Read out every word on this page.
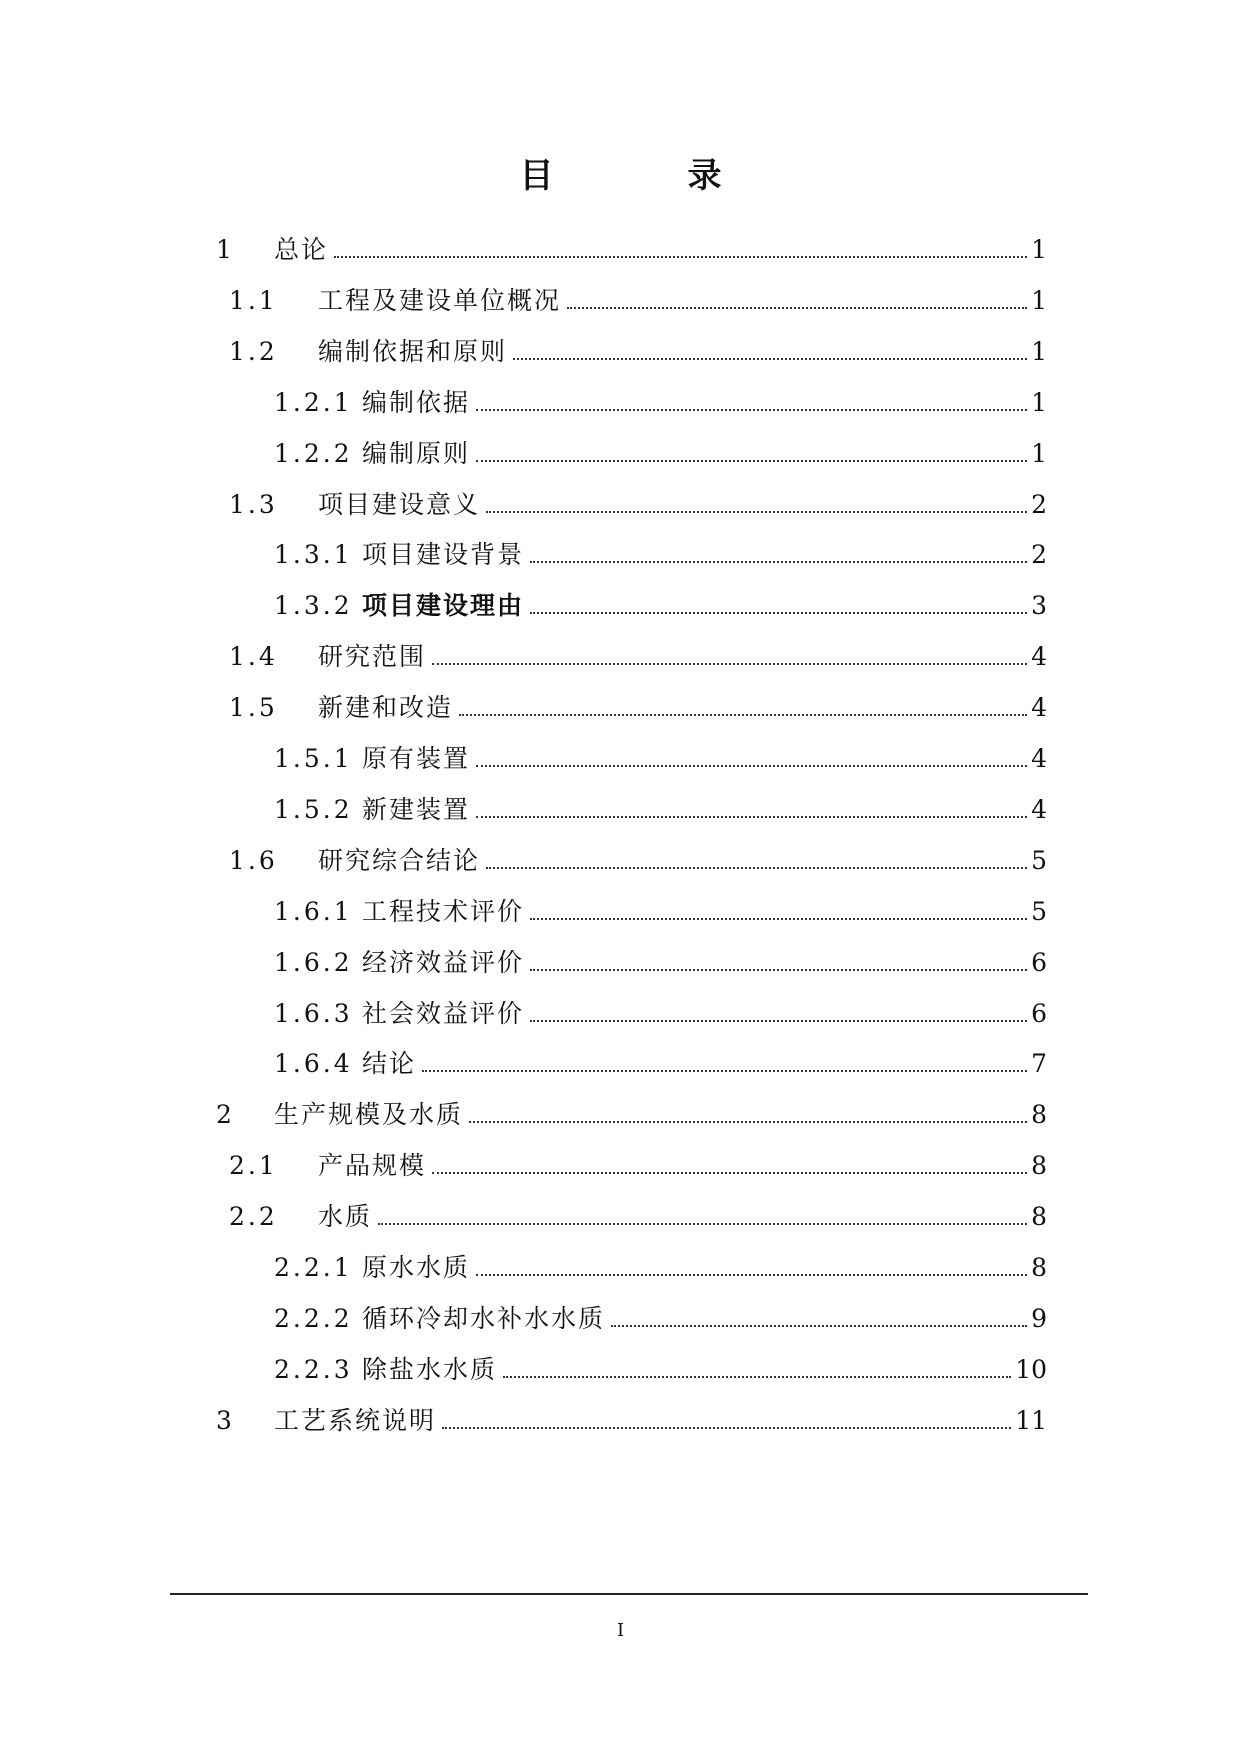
目　录
1 总论	1
1.1 工程及建设单位概况	1
1.2 编制依据和原则	1
1.2.1 编制依据	1
1.2.2 编制原则	1
1.3 项目建设意义	2
1.3.1 项目建设背景	2
1.3.2 项目建设理由	3
1.4 研究范围	4
1.5 新建和改造	4
1.5.1 原有装置	4
1.5.2 新建装置	4
1.6 研究综合结论	5
1.6.1 工程技术评价	5
1.6.2 经济效益评价	6
1.6.3 社会效益评价	6
1.6.4 结论	7
2 生产规模及水质	8
2.1 产品规模	8
2.2 水质	8
2.2.1 原水水质	8
2.2.2 循环冷却水补水水质	9
2.2.3 除盐水水质	10
3 工艺系统说明	11
I
